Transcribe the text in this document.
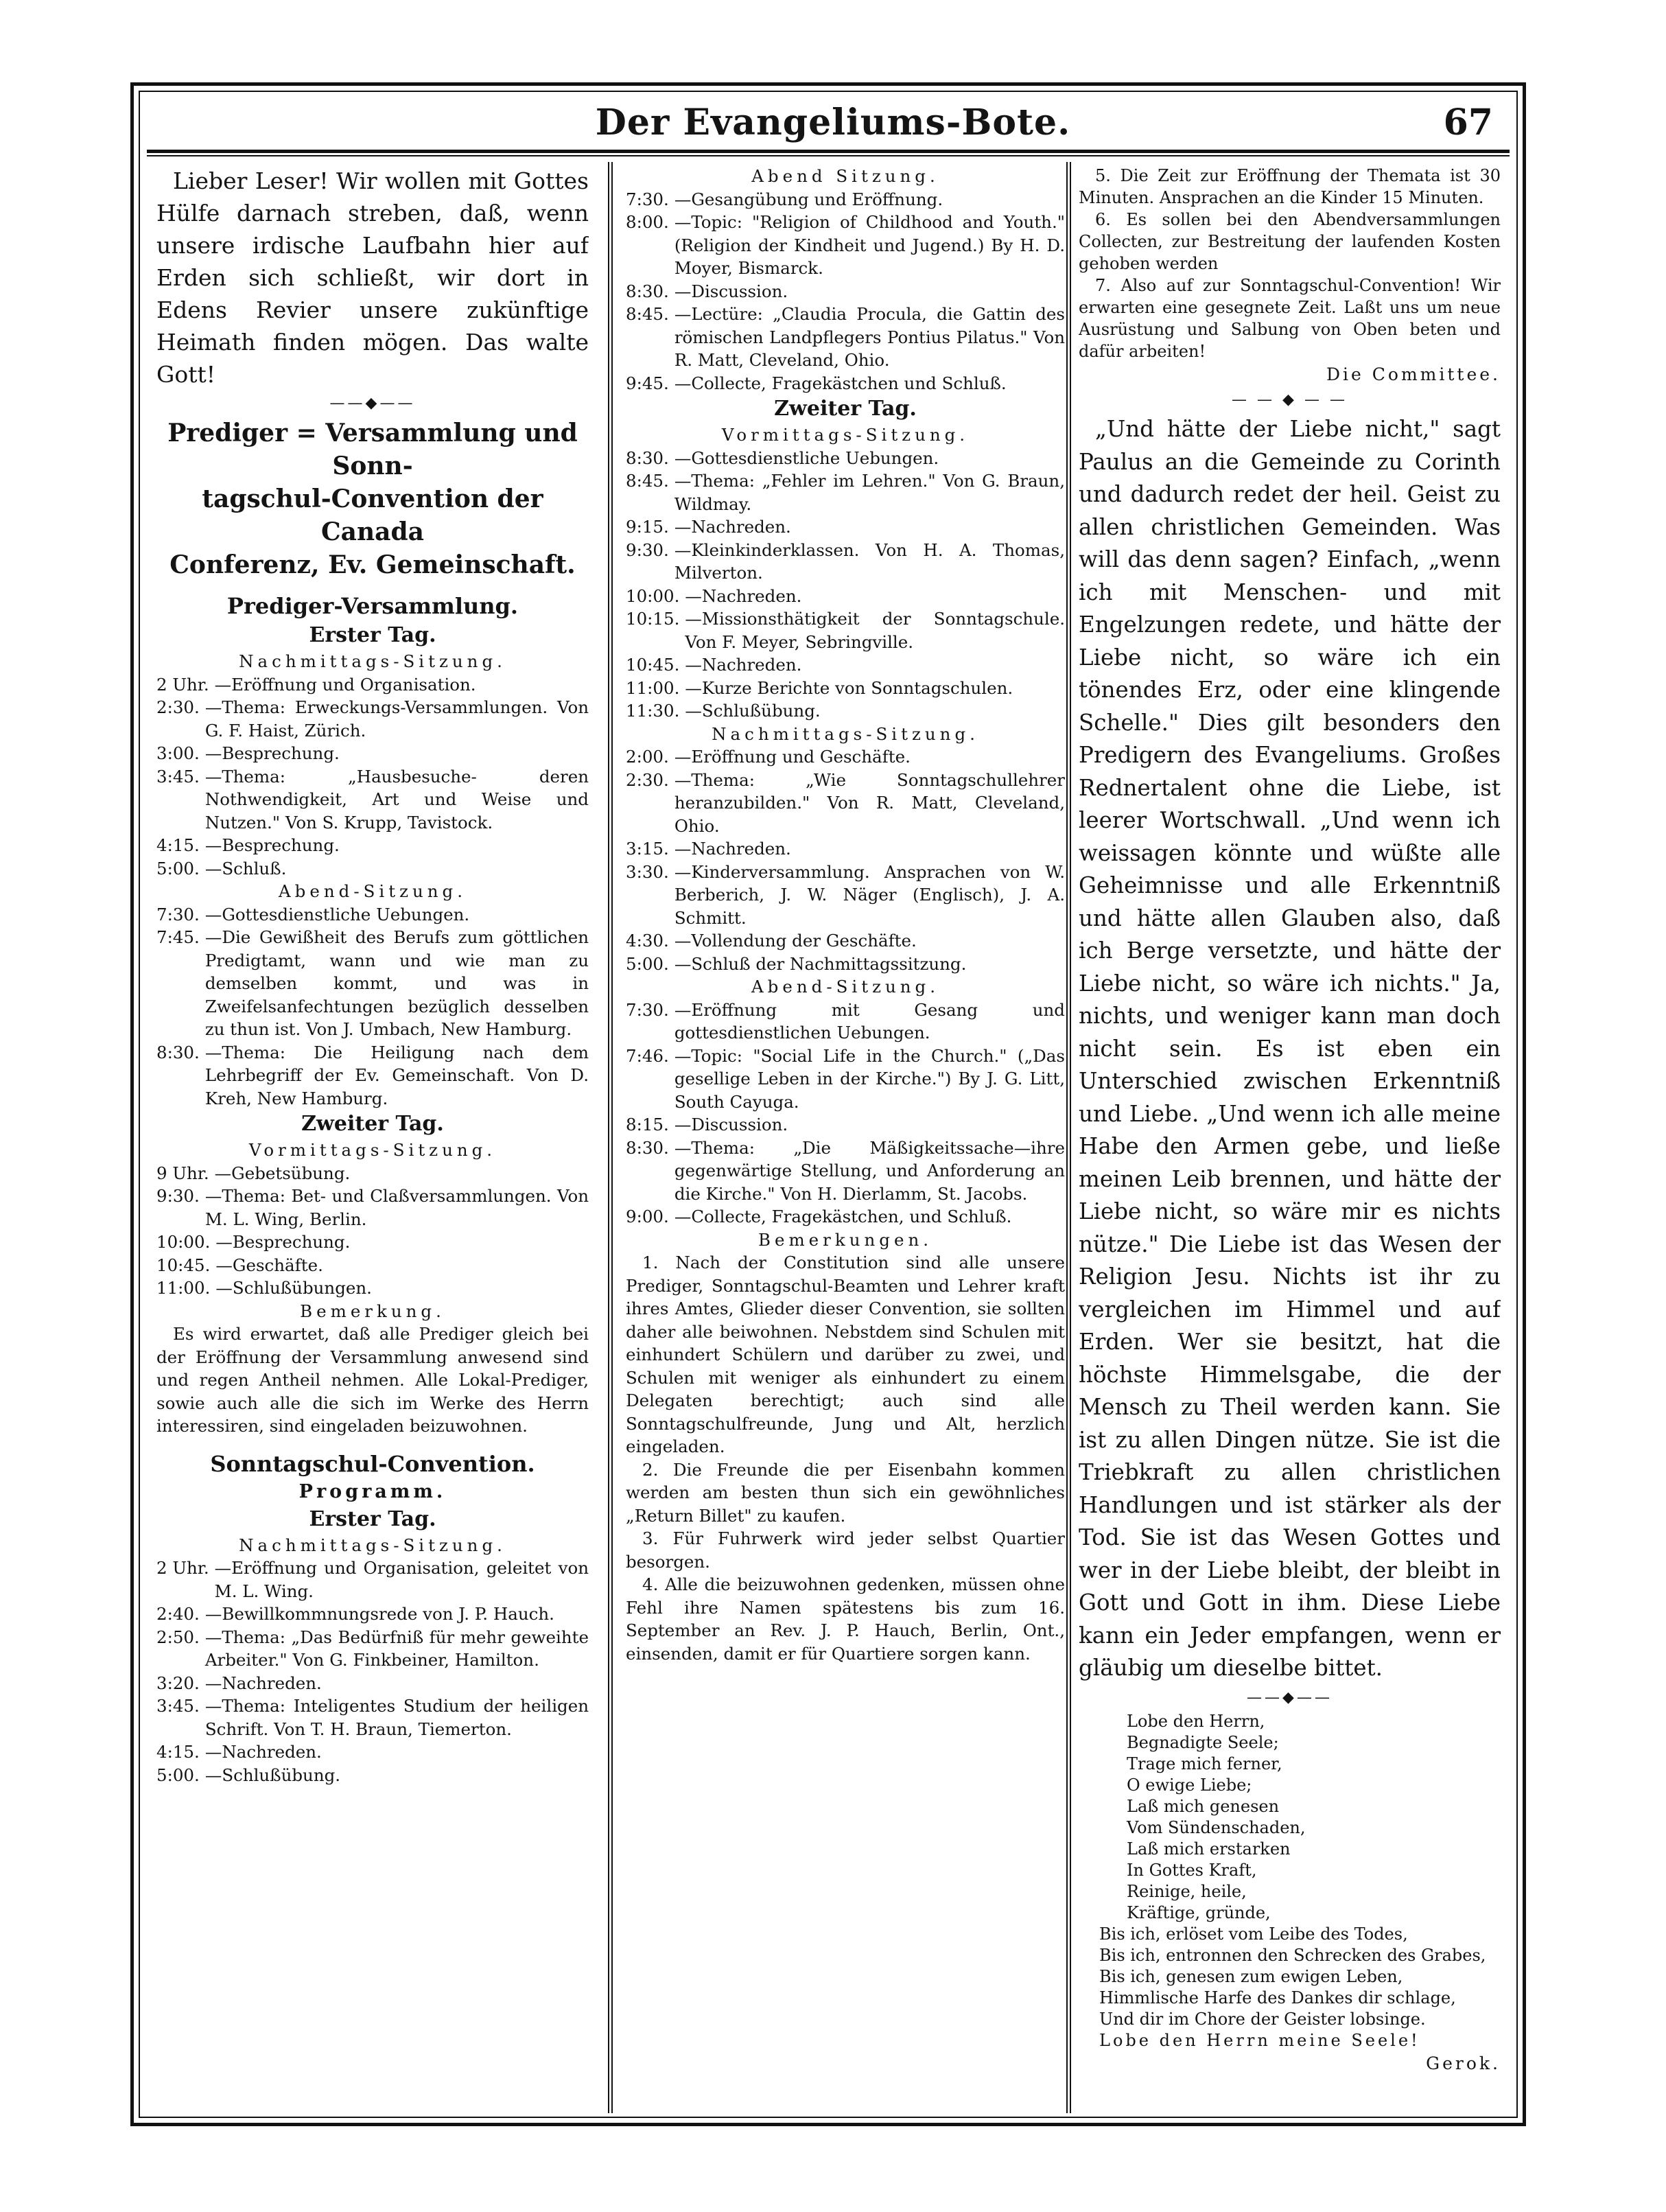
Der Evangeliums-Bote.	67

Lieber Leser! Wir wollen mit Gottes Hülfe darnach streben, daß, wenn unsere irdische Laufbahn hier auf Erden sich schließt, wir dort in Edens Revier unsere zukünftige Heimath finden mögen. Das walte Gott!

——◆——
Prediger = Versammlung und Sonn-
tagschul-Convention der Canada
Conferenz, Ev. Gemeinschaft.
Prediger-Versammlung.
Erster Tag.
Nachmittags-Sitzung.
2 Uhr. —Eröffnung und Organisation.
2:30. —Thema: Erweckungs-Versammlungen. Von G. F. Haist, Zürich.
3:00. —Besprechung.
3:45. —Thema: „Hausbesuche- deren Nothwendigkeit, Art und Weise und Nutzen." Von S. Krupp, Tavistock.
4:15. —Besprechung.
5:00. —Schluß.
Abend-Sitzung.
7:30. —Gottesdienstliche Uebungen.
7:45. —Die Gewißheit des Berufs zum göttlichen Predigtamt, wann und wie man zu demselben kommt, und was in Zweifelsanfechtungen bezüglich desselben zu thun ist. Von J. Umbach, New Hamburg.
8:30. —Thema: Die Heiligung nach dem Lehrbegriff der Ev. Gemeinschaft. Von D. Kreh, New Hamburg.
Zweiter Tag.
Vormittags-Sitzung.
9 Uhr. —Gebetsübung.
9:30. —Thema: Bet- und Claßversammlungen. Von M. L. Wing, Berlin.
10:00. —Besprechung.
10:45. —Geschäfte.
11:00. —Schlußübungen.
Bemerkung.

Es wird erwartet, daß alle Prediger gleich bei der Eröffnung der Versammlung anwesend sind und regen Antheil nehmen. Alle Lokal-Prediger, sowie auch alle die sich im Werke des Herrn interessiren, sind eingeladen beizuwohnen.

Sonntagschul-Convention.
Programm.
Erster Tag.
Nachmittags-Sitzung.
2 Uhr. —Eröffnung und Organisation, geleitet von M. L. Wing.
2:40. —Bewillkommnungsrede von J. P. Hauch.
2:50. —Thema: „Das Bedürfniß für mehr geweihte Arbeiter." Von G. Finkbeiner, Hamilton.
3:20. —Nachreden.
3:45. —Thema: Inteligentes Studium der heiligen Schrift. Von T. H. Braun, Tiemerton.
4:15. —Nachreden.
5:00. —Schlußübung.
Abend Sitzung.
7:30. —Gesangübung und Eröffnung.
8:00. —Topic: "Religion of Childhood and Youth." (Religion der Kindheit und Jugend.) By H. D. Moyer, Bismarck.
8:30. —Discussion.
8:45. —Lectüre: „Claudia Procula, die Gattin des römischen Landpflegers Pontius Pilatus." Von R. Matt, Cleveland, Ohio.
9:45. —Collecte, Fragekästchen und Schluß.
Zweiter Tag.
Vormittags-Sitzung.
8:30. —Gottesdienstliche Uebungen.
8:45. —Thema: „Fehler im Lehren." Von G. Braun, Wildmay.
9:15. —Nachreden.
9:30. —Kleinkinderklassen. Von H. A. Thomas, Milverton.
10:00. —Nachreden.
10:15. —Missionsthätigkeit der Sonntagschule. Von F. Meyer, Sebringville.
10:45. —Nachreden.
11:00. —Kurze Berichte von Sonntagschulen.
11:30. —Schlußübung.
Nachmittags-Sitzung.
2:00. —Eröffnung und Geschäfte.
2:30. —Thema: „Wie Sonntagschullehrer heranzubilden." Von R. Matt, Cleveland, Ohio.
3:15. —Nachreden.
3:30. —Kinderversammlung. Ansprachen von W. Berberich, J. W. Näger (Englisch), J. A. Schmitt.
4:30. —Vollendung der Geschäfte.
5:00. —Schluß der Nachmittagssitzung.
Abend-Sitzung.
7:30. —Eröffnung mit Gesang und gottesdienstlichen Uebungen.
7:46. —Topic: "Social Life in the Church." („Das gesellige Leben in der Kirche.") By J. G. Litt, South Cayuga.
8:15. —Discussion.
8:30. —Thema: „Die Mäßigkeitssache—ihre gegenwärtige Stellung, und Anforderung an die Kirche." Von H. Dierlamm, St. Jacobs.
9:00. —Collecte, Fragekästchen, und Schluß.
Bemerkungen.

1. Nach der Constitution sind alle unsere Prediger, Sonntagschul-Beamten und Lehrer kraft ihres Amtes, Glieder dieser Convention, sie sollten daher alle beiwohnen. Nebstdem sind Schulen mit einhundert Schülern und darüber zu zwei, und Schulen mit weniger als einhundert zu einem Delegaten berechtigt; auch sind alle Sonntagschulfreunde, Jung und Alt, herzlich eingeladen.

2. Die Freunde die per Eisenbahn kommen werden am besten thun sich ein gewöhnliches „Return Billet" zu kaufen.

3. Für Fuhrwerk wird jeder selbst Quartier besorgen.

4. Alle die beizuwohnen gedenken, müssen ohne Fehl ihre Namen spätestens bis zum 16. September an Rev. J. P. Hauch, Berlin, Ont., einsenden, damit er für Quartiere sorgen kann.

5. Die Zeit zur Eröffnung der Themata ist 30 Minuten. Ansprachen an die Kinder 15 Minuten.

6. Es sollen bei den Abendversammlungen Collecten, zur Bestreitung der laufenden Kosten gehoben werden

7. Also auf zur Sonntagschul-Convention! Wir erwarten eine gesegnete Zeit. Laßt uns um neue Ausrüstung und Salbung von Oben beten und dafür arbeiten!

Die Committee.
— — ◆ — —

„Und hätte der Liebe nicht," sagt Paulus an die Gemeinde zu Corinth und dadurch redet der heil. Geist zu allen christlichen Gemeinden. Was will das denn sagen? Einfach, „wenn ich mit Menschen- und mit Engelzungen redete, und hätte der Liebe nicht, so wäre ich ein tönendes Erz, oder eine klingende Schelle." Dies gilt besonders den Predigern des Evangeliums. Großes Rednertalent ohne die Liebe, ist leerer Wortschwall. „Und wenn ich weissagen könnte und wüßte alle Geheimnisse und alle Erkenntniß und hätte allen Glauben also, daß ich Berge versetzte, und hätte der Liebe nicht, so wäre ich nichts." Ja, nichts, und weniger kann man doch nicht sein. Es ist eben ein Unterschied zwischen Erkenntniß und Liebe. „Und wenn ich alle meine Habe den Armen gebe, und ließe meinen Leib brennen, und hätte der Liebe nicht, so wäre mir es nichts nütze." Die Liebe ist das Wesen der Religion Jesu. Nichts ist ihr zu vergleichen im Himmel und auf Erden. Wer sie besitzt, hat die höchste Himmelsgabe, die der Mensch zu Theil werden kann. Sie ist zu allen Dingen nütze. Sie ist die Triebkraft zu allen christlichen Handlungen und ist stärker als der Tod. Sie ist das Wesen Gottes und wer in der Liebe bleibt, der bleibt in Gott und Gott in ihm. Diese Liebe kann ein Jeder empfangen, wenn er gläubig um dieselbe bittet.

——◆——
Lobe den Herrn,
Begnadigte Seele;
Trage mich ferner,
O ewige Liebe;
Laß mich genesen
Vom Sündenschaden,
Laß mich erstarken
In Gottes Kraft,
Reinige, heile,
Kräftige, gründe,
Bis ich, erlöset vom Leibe des Todes,
Bis ich, entronnen den Schrecken des Grabes,
Bis ich, genesen zum ewigen Leben,
Himmlische Harfe des Dankes dir schlage,
Und dir im Chore der Geister lobsinge.
Lobe den Herrn meine Seele!
Gerok.
